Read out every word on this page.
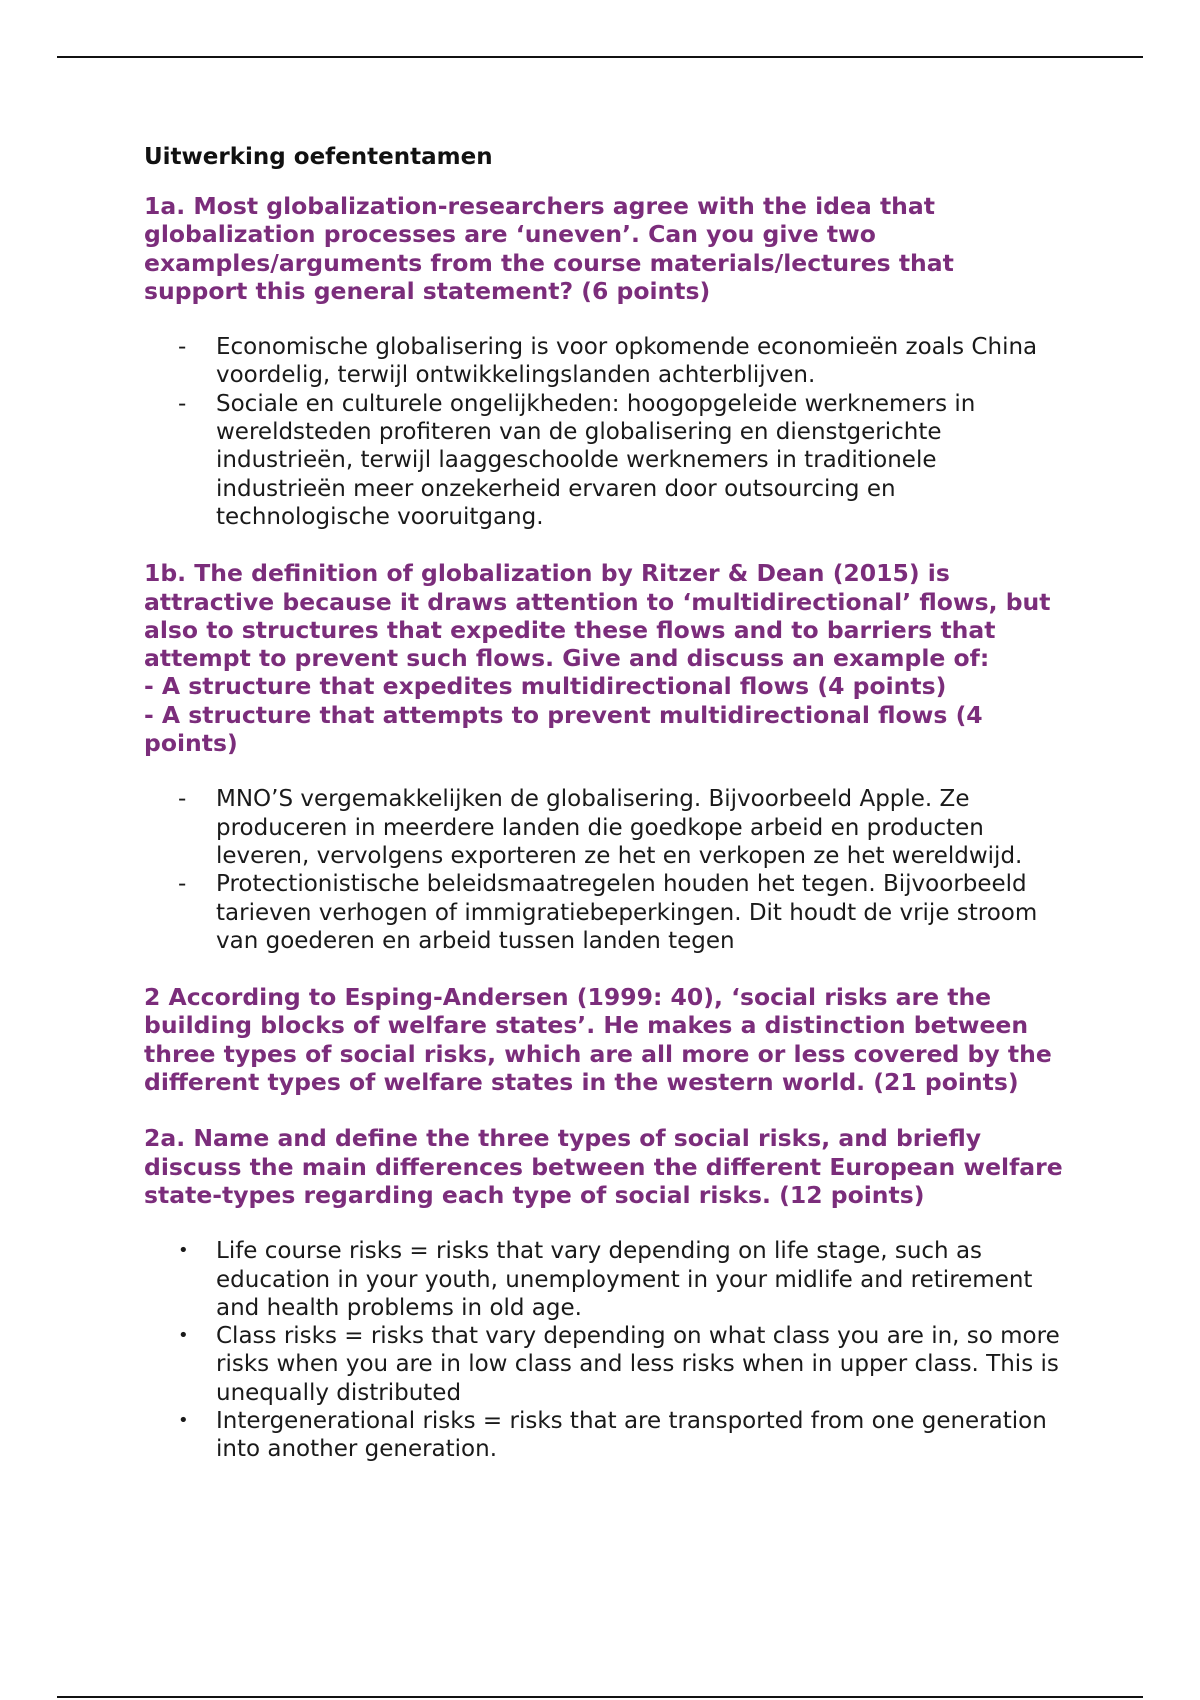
Uitwerking oefententamen
1a. Most globalization-researchers agree with the idea that globalization processes are ‘uneven’. Can you give two examples/arguments from the course materials/lectures that support this general statement? (6 points)
-	Economische globalisering is voor opkomende economieën zoals China voordelig, terwijl ontwikkelingslanden achterblijven.
-	Sociale en culturele ongelijkheden: hoogopgeleide werknemers in wereldsteden profiteren van de globalisering en dienstgerichte industrieën, terwijl laaggeschoolde werknemers in traditionele industrieën meer onzekerheid ervaren door outsourcing en technologische vooruitgang.
1b. The definition of globalization by Ritzer & Dean (2015) is attractive because it draws attention to ‘multidirectional’ flows, but also to structures that expedite these flows and to barriers that attempt to prevent such flows. Give and discuss an example of:
- A structure that expedites multidirectional flows (4 points)
- A structure that attempts to prevent multidirectional flows (4 points)
-	MNO’S vergemakkelijken de globalisering. Bijvoorbeeld Apple. Ze produceren in meerdere landen die goedkope arbeid en producten leveren, vervolgens exporteren ze het en verkopen ze het wereldwijd.
-	Protectionistische beleidsmaatregelen houden het tegen. Bijvoorbeeld tarieven verhogen of immigratiebeperkingen. Dit houdt de vrije stroom van goederen en arbeid tussen landen tegen
2 According to Esping-Andersen (1999: 40), ‘social risks are the building blocks of welfare states’. He makes a distinction between three types of social risks, which are all more or less covered by the different types of welfare states in the western world. (21 points)
2a. Name and define the three types of social risks, and briefly discuss the main differences between the different European welfare state-types regarding each type of social risks. (12 points)
•	Life course risks = risks that vary depending on life stage, such as education in your youth, unemployment in your midlife and retirement and health problems in old age.
•	Class risks = risks that vary depending on what class you are in, so more risks when you are in low class and less risks when in upper class. This is unequally distributed
•	Intergenerational risks = risks that are transported from one generation into another generation.
